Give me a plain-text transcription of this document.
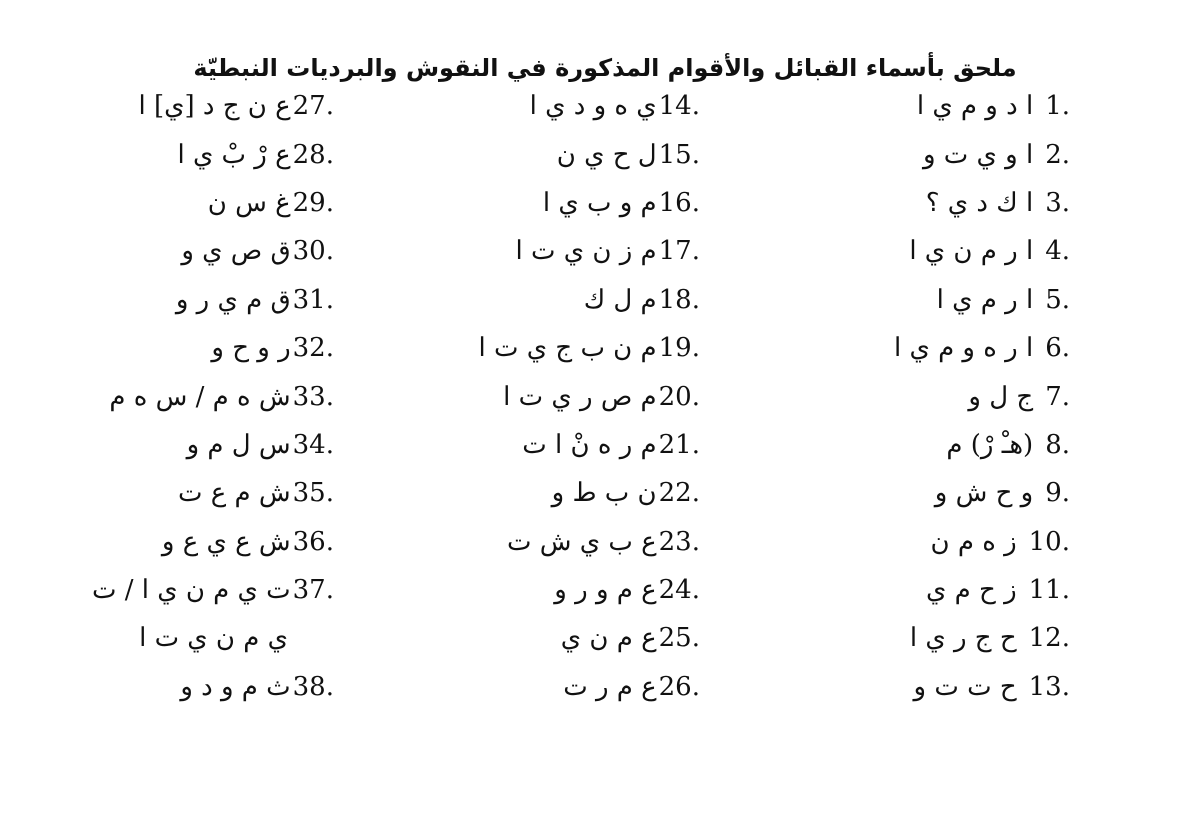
ملحق بأسماء القبائل والأقوام المذكورة في النقوش والبرديات النبطيّة
1 .
ا د و م ي ا
2 .
ا و ي ت و
3 .
ا ك د ي ؟
4 .
ا ر م ن ي ا
5 .
ا ر م ي ا
6 .
ا ر ه و م ي ا
7 .
ج ل و
8 .
(هـْ رْ) م
9 .
و ح ش و
10 .
ز ه م ن
11 .
ز ح م ي
12 .
ح ج ر ي ا
13 .
ح ت ت و
14 .
ي ه و د ي ا
15 .
ل ح ي ن
16 .
م و ب ي ا
17 .
م ز ن ي ت ا
18 .
م ل ك
19 .
م ن ب ج ي ت ا
20 .
م ص ر ي ت ا
21 .
م ر ه نْ ا ت
22 .
ن ب ط و
23 .
ع ب ي ش ت
24 .
ع م و ر و
25 .
ع م ن ي
26 .
ع م ر ت
27 .
ع ن ج د [ي] ا
28 .
ع رْ بْ ي ا
29 .
غ س ن
30 .
ق ص ي و
31 .
ق م ي ر و
32 .
ر و ح و
33 .
ش ه م / س ه م
34 .
س ل م و
35 .
ش م ع ت
36 .
ش ع ي ع و
37 .
ت ي م ن ي ا / ت
ي م ن ي ت ا
38 .
ث م و د و
